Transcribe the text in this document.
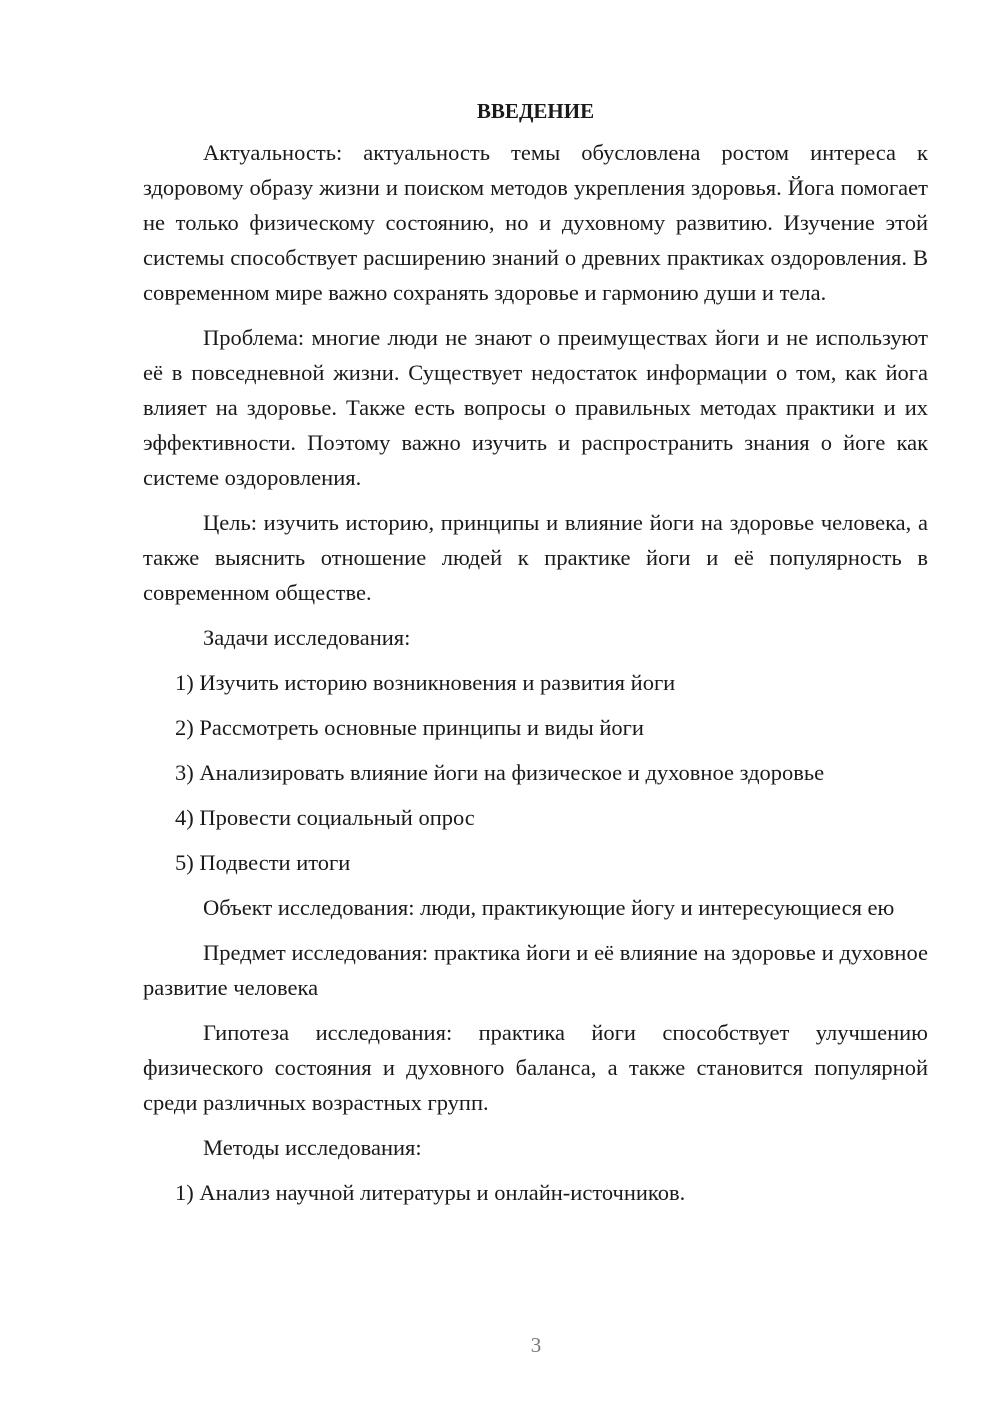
ВВЕДЕНИЕ

Актуальность: актуальность темы обусловлена ростом интереса к здоровому образу жизни и поиском методов укрепления здоровья. Йога помогает не только физическому состоянию, но и духовному развитию. Изучение этой системы способствует расширению знаний о древних практиках оздоровления. В современном мире важно сохранять здоровье и гармонию души и тела.

Проблема: многие люди не знают о преимуществах йоги и не используют её в повседневной жизни. Существует недостаток информации о том, как йога влияет на здоровье. Также есть вопросы о правильных методах практики и их эффективности. Поэтому важно изучить и распространить знания о йоге как системе оздоровления.

Цель: изучить историю, принципы и влияние йоги на здоровье человека, а также выяснить отношение людей к практике йоги и её популярность в современном обществе.

Задачи исследования:

1) Изучить историю возникновения и развития йоги

2) Рассмотреть основные принципы и виды йоги

3) Анализировать влияние йоги на физическое и духовное здоровье

4) Провести социальный опрос

5) Подвести итоги

Объект исследования: люди, практикующие йогу и интересующиеся ею

Предмет исследования: практика йоги и её влияние на здоровье и духовное развитие человека

Гипотеза исследования: практика йоги способствует улучшению физического состояния и духовного баланса, а также становится популярной среди различных возрастных групп.

Методы исследования:

1) Анализ научной литературы и онлайн-источников.

3
